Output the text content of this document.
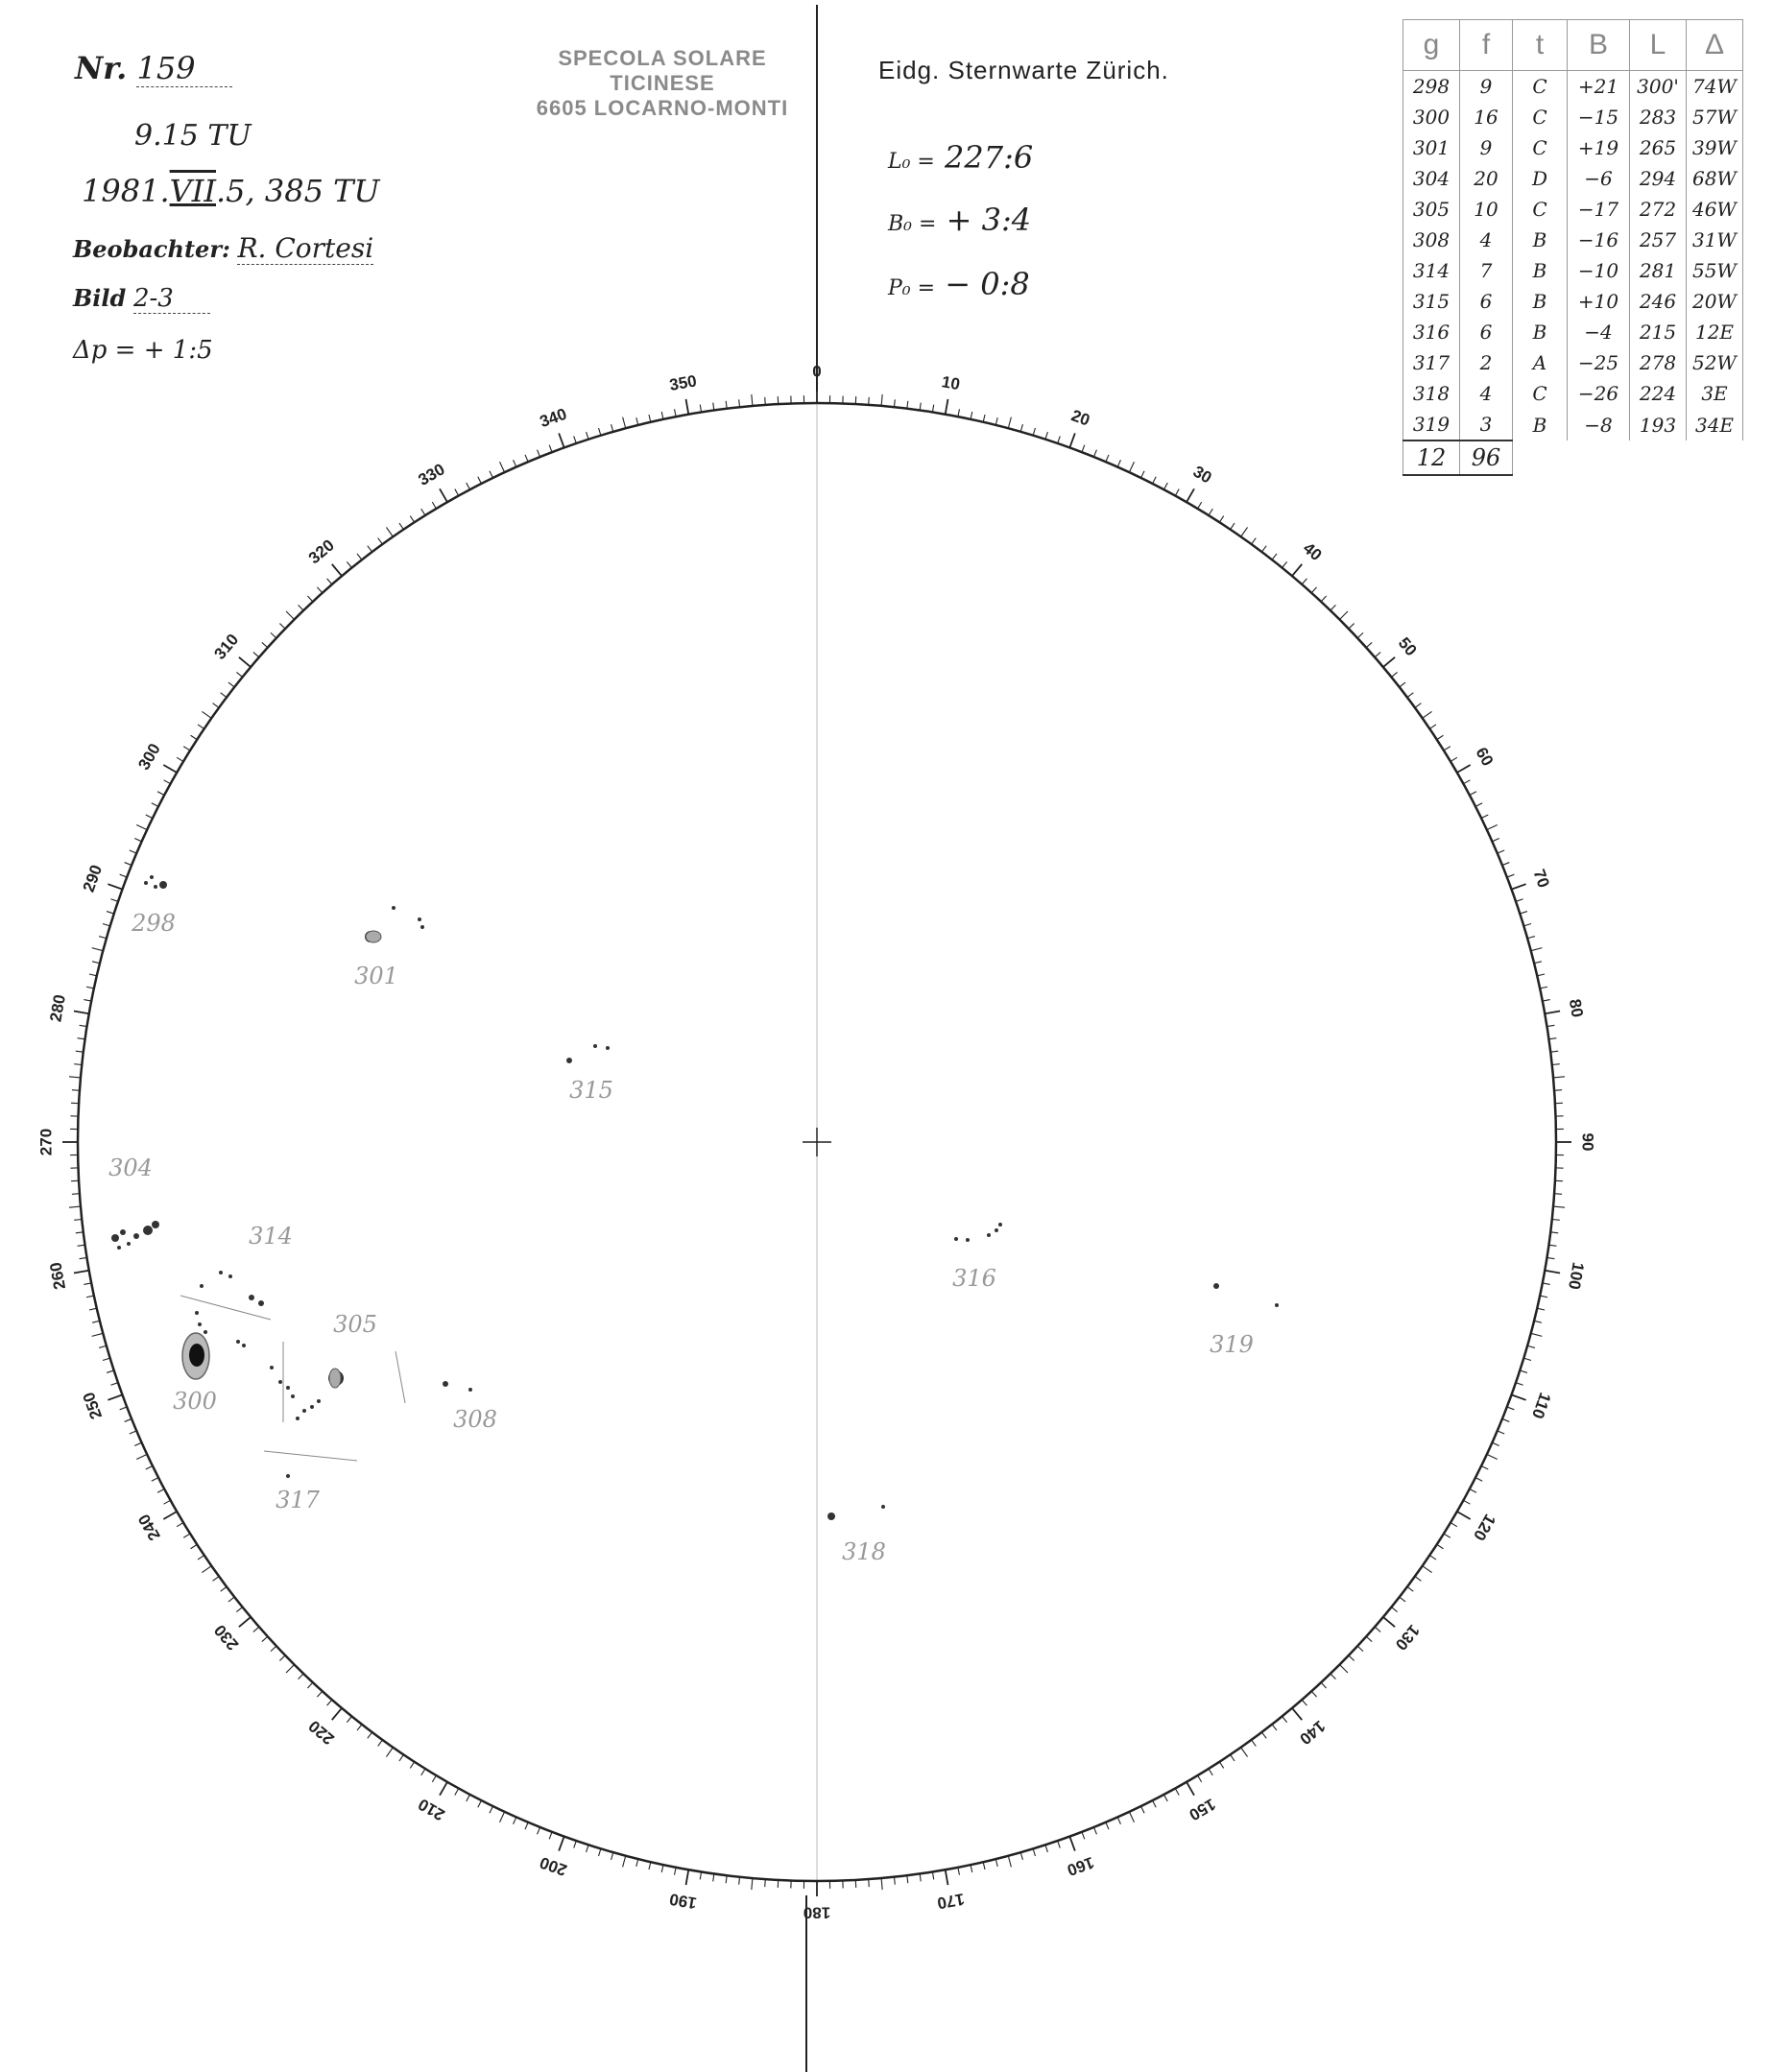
Nr. 159
9.15 TU
1981.VII.5, 385 TU
Beobachter: R. Cortesi
Bild 2-3
Δp = + 1:5
SPECOLA SOLARE
TICINESE
6605 LOCARNO-MONTI
Eidg. Sternwarte Zürich.
L₀ = 227:6
B₀ = + 3:4
P₀ = − 0:8
g	f	t	B	L	Δ
298	9	C	+21	300'	74W
300	16	C	−15	283	57W
301	9	C	+19	265	39W
304	20	D	−6	294	68W
305	10	C	−17	272	46W
308	4	B	−16	257	31W
314	7	B	−10	281	55W
315	6	B	+10	246	20W
316	6	B	−4	215	12E
317	2	A	−25	278	52W
318	4	C	−26	224	3E
319	3	B	−8	193	34E
12	96				
0
10
20
30
40
50
60
70
80
90
100
110
120
130
140
150
160
170
180
190
200
210
220
230
240
250
260
270
280
290
300
310
320
330
340
350
298
301
315
304
314
305
300
308
317
316
319
318
